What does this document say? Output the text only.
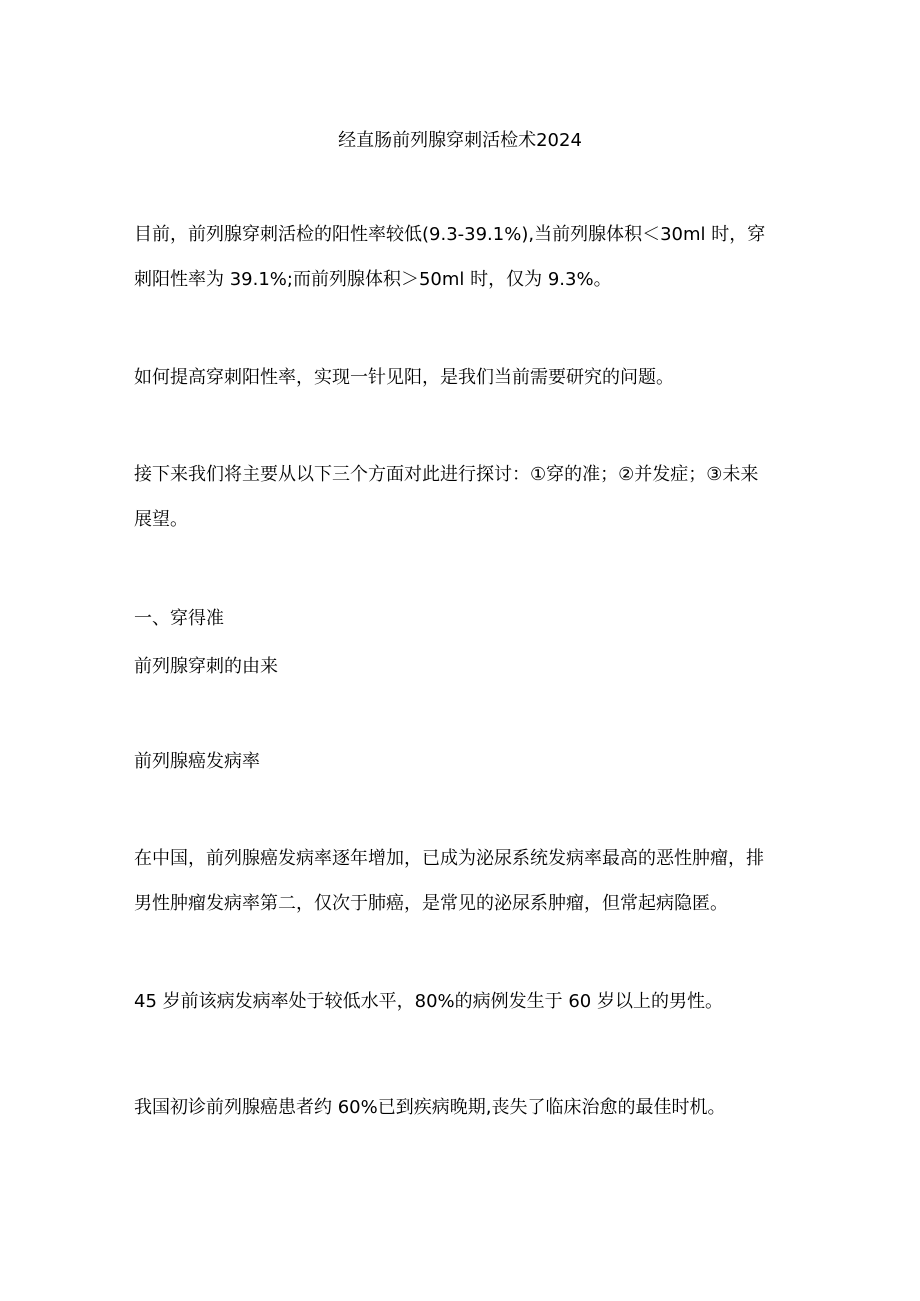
经直肠前列腺穿刺活检术2024

目前，前列腺穿刺活检的阳性率较低(9.3-39.1%),当前列腺体积＜30ml 时，穿
刺阳性率为 39.1%;而前列腺体积＞50ml 时，仅为 9.3%。

如何提高穿刺阳性率，实现一针见阳，是我们当前需要研究的问题。

接下来我们将主要从以下三个方面对此进行探讨：①穿的准；②并发症；③未来
展望。

一、穿得准
前列腺穿刺的由来
前列腺癌发病率

在中国，前列腺癌发病率逐年增加，已成为泌尿系统发病率最高的恶性肿瘤，排
男性肿瘤发病率第二，仅次于肺癌，是常见的泌尿系肿瘤，但常起病隐匿。

45 岁前该病发病率处于较低水平，80%的病例发生于 60 岁以上的男性。

我国初诊前列腺癌患者约 60%已到疾病晚期,丧失了临床治愈的最佳时机。
